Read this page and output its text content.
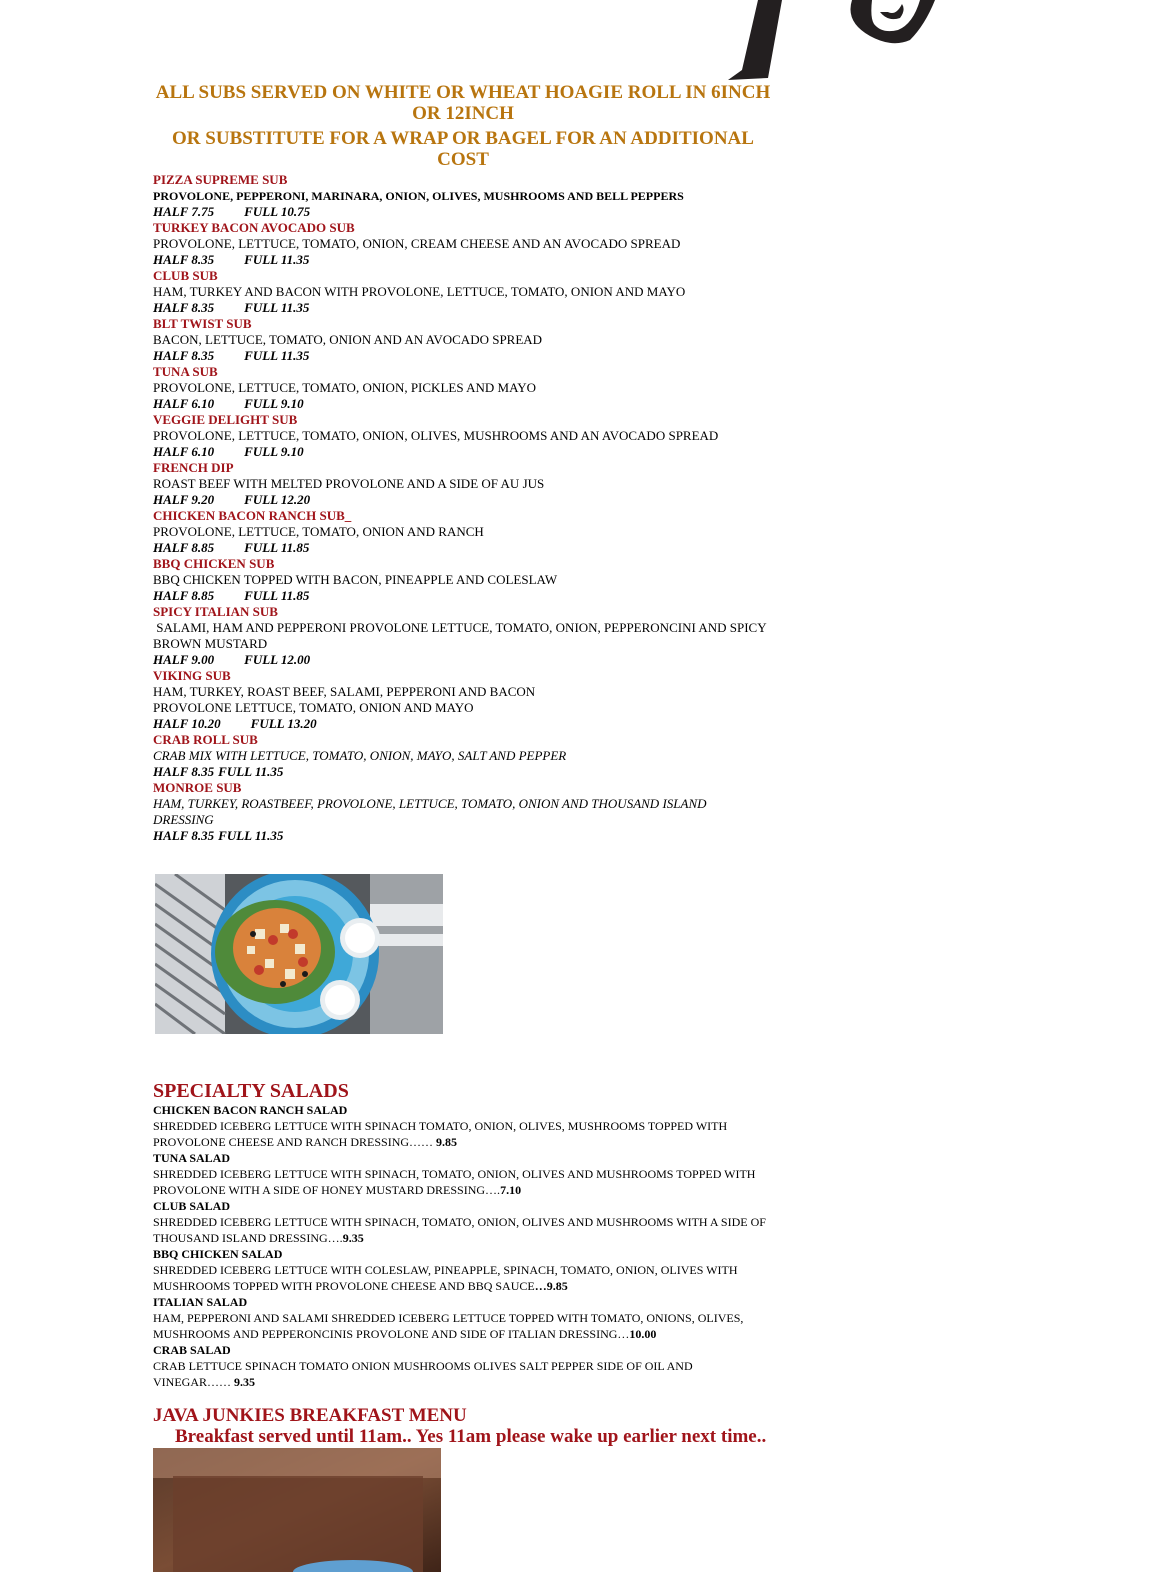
ALL SUBS SERVED ON WHITE OR WHEAT HOAGIE ROLL IN 6INCH OR 12INCH
OR SUBSTITUTE FOR A WRAP OR BAGEL FOR AN ADDITIONAL COST
PIZZA SUPREME SUB
PROVOLONE, PEPPERONI, MARINARA, ONION, OLIVES, MUSHROOMS AND BELL PEPPERS
HALF 7.75 FULL 10.75
TURKEY BACON AVOCADO SUB
PROVOLONE, LETTUCE, TOMATO, ONION, CREAM CHEESE AND AN AVOCADO SPREAD
HALF 8.35 FULL 11.35
CLUB SUB
HAM, TURKEY AND BACON WITH PROVOLONE, LETTUCE, TOMATO, ONION AND MAYO
HALF 8.35 FULL 11.35
BLT TWIST SUB
BACON, LETTUCE, TOMATO, ONION AND AN AVOCADO SPREAD
HALF 8.35 FULL 11.35
TUNA SUB
PROVOLONE, LETTUCE, TOMATO, ONION, PICKLES AND MAYO
HALF 6.10 FULL 9.10
VEGGIE DELIGHT SUB
PROVOLONE, LETTUCE, TOMATO, ONION, OLIVES, MUSHROOMS AND AN AVOCADO SPREAD
HALF 6.10 FULL 9.10
FRENCH DIP
ROAST BEEF WITH MELTED PROVOLONE AND A SIDE OF AU JUS
HALF 9.20 FULL 12.20
CHICKEN BACON RANCH SUB_
PROVOLONE, LETTUCE, TOMATO, ONION AND RANCH
HALF 8.85 FULL 11.85
BBQ CHICKEN SUB
BBQ CHICKEN TOPPED WITH BACON, PINEAPPLE AND COLESLAW
HALF 8.85 FULL 11.85
SPICY ITALIAN SUB
SALAMI, HAM AND PEPPERONI PROVOLONE LETTUCE, TOMATO, ONION, PEPPERONCINI AND SPICY BROWN MUSTARD
HALF 9.00 FULL 12.00
VIKING SUB
HAM, TURKEY, ROAST BEEF, SALAMI, PEPPERONI AND BACON
PROVOLONE LETTUCE, TOMATO, ONION AND MAYO
HALF 10.20 FULL 13.20
CRAB ROLL SUB
CRAB MIX WITH LETTUCE, TOMATO, ONION, MAYO, SALT AND PEPPER
HALF 8.35 FULL 11.35
MONROE SUB
HAM, TURKEY, ROASTBEEF, PROVOLONE, LETTUCE, TOMATO, ONION AND THOUSAND ISLAND DRESSING
HALF 8.35 FULL 11.35
SPECIALTY SALADS
CHICKEN BACON RANCH SALAD
SHREDDED ICEBERG LETTUCE WITH SPINACH TOMATO, ONION, OLIVES, MUSHROOMS TOPPED WITH PROVOLONE CHEESE AND RANCH DRESSING…… 9.85
TUNA SALAD
SHREDDED ICEBERG LETTUCE WITH SPINACH, TOMATO, ONION, OLIVES AND MUSHROOMS TOPPED WITH PROVOLONE WITH A SIDE OF HONEY MUSTARD DRESSING….7.10
CLUB SALAD
SHREDDED ICEBERG LETTUCE WITH SPINACH, TOMATO, ONION, OLIVES AND MUSHROOMS WITH A SIDE OF THOUSAND ISLAND DRESSING….9.35
BBQ CHICKEN SALAD
SHREDDED ICEBERG LETTUCE WITH COLESLAW, PINEAPPLE, SPINACH, TOMATO, ONION, OLIVES WITH MUSHROOMS TOPPED WITH PROVOLONE CHEESE AND BBQ SAUCE…9.85
ITALIAN SALAD
HAM, PEPPERONI AND SALAMI SHREDDED ICEBERG LETTUCE TOPPED WITH TOMATO, ONIONS, OLIVES, MUSHROOMS AND PEPPERONCINIS PROVOLONE AND SIDE OF ITALIAN DRESSING…10.00
CRAB SALAD
CRAB LETTUCE SPINACH TOMATO ONION MUSHROOMS OLIVES SALT PEPPER SIDE OF OIL AND VINEGAR…… 9.35
JAVA JUNKIES BREAKFAST MENU
Breakfast served until 11am.. Yes 11am please wake up earlier next time..
